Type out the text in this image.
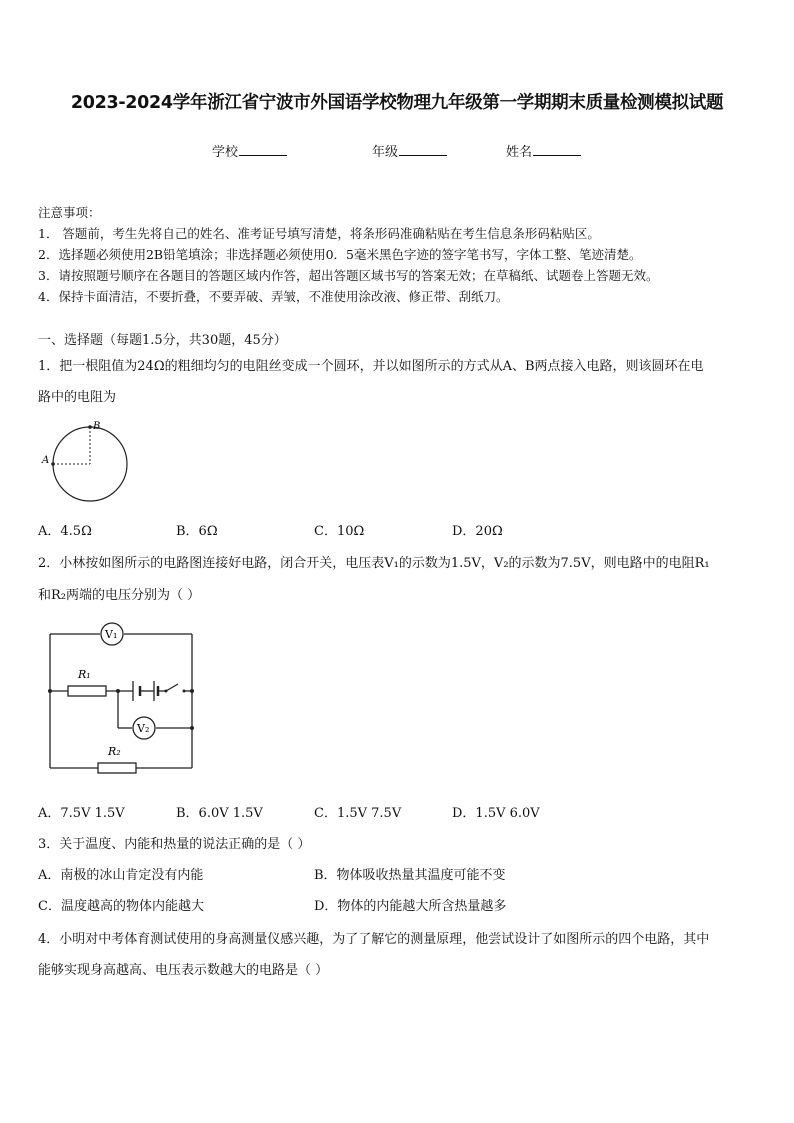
2023-2024学年浙江省宁波市外国语学校物理九年级第一学期期末质量检测模拟试题
学校	年级	姓名
注意事项：
1． 答题前，考生先将自己的姓名、准考证号填写清楚，将条形码准确粘贴在考生信息条形码粘贴区。
2．选择题必须使用2B铅笔填涂；非选择题必须使用0．5毫米黑色字迹的签字笔书写，字体工整、笔迹清楚。
3．请按照题号顺序在各题目的答题区域内作答，超出答题区域书写的答案无效；在草稿纸、试题卷上答题无效。
4．保持卡面清洁，不要折叠，不要弄破、弄皱，不准使用涂改液、修正带、刮纸刀。
一、选择题（每题1.5分，共30题，45分）
1．把一根阻值为24Ω的粗细均匀的电阻丝变成一个圆环，并以如图所示的方式从A、B两点接入电路，则该圆环在电
路中的电阻为
A
B
A．4.5Ω	B．6Ω	C．10Ω	D．20Ω
2．小林按如图所示的电路图连接好电路，闭合开关，电压表V₁的示数为1.5V，V₂的示数为7.5V，则电路中的电阻R₁
和R₂两端的电压分别为（ ）
V₁
V₂
R₁
R₂
A．7.5V 1.5V	B．6.0V 1.5V	C．1.5V 7.5V	D．1.5V 6.0V
3．关于温度、内能和热量的说法正确的是（ ）
A．南极的冰山肯定没有内能	B．物体吸收热量其温度可能不变
C．温度越高的物体内能越大	D．物体的内能越大所含热量越多
4．小明对中考体育测试使用的身高测量仪感兴趣，为了了解它的测量原理，他尝试设计了如图所示的四个电路，其中
能够实现身高越高、电压表示数越大的电路是（ ）
